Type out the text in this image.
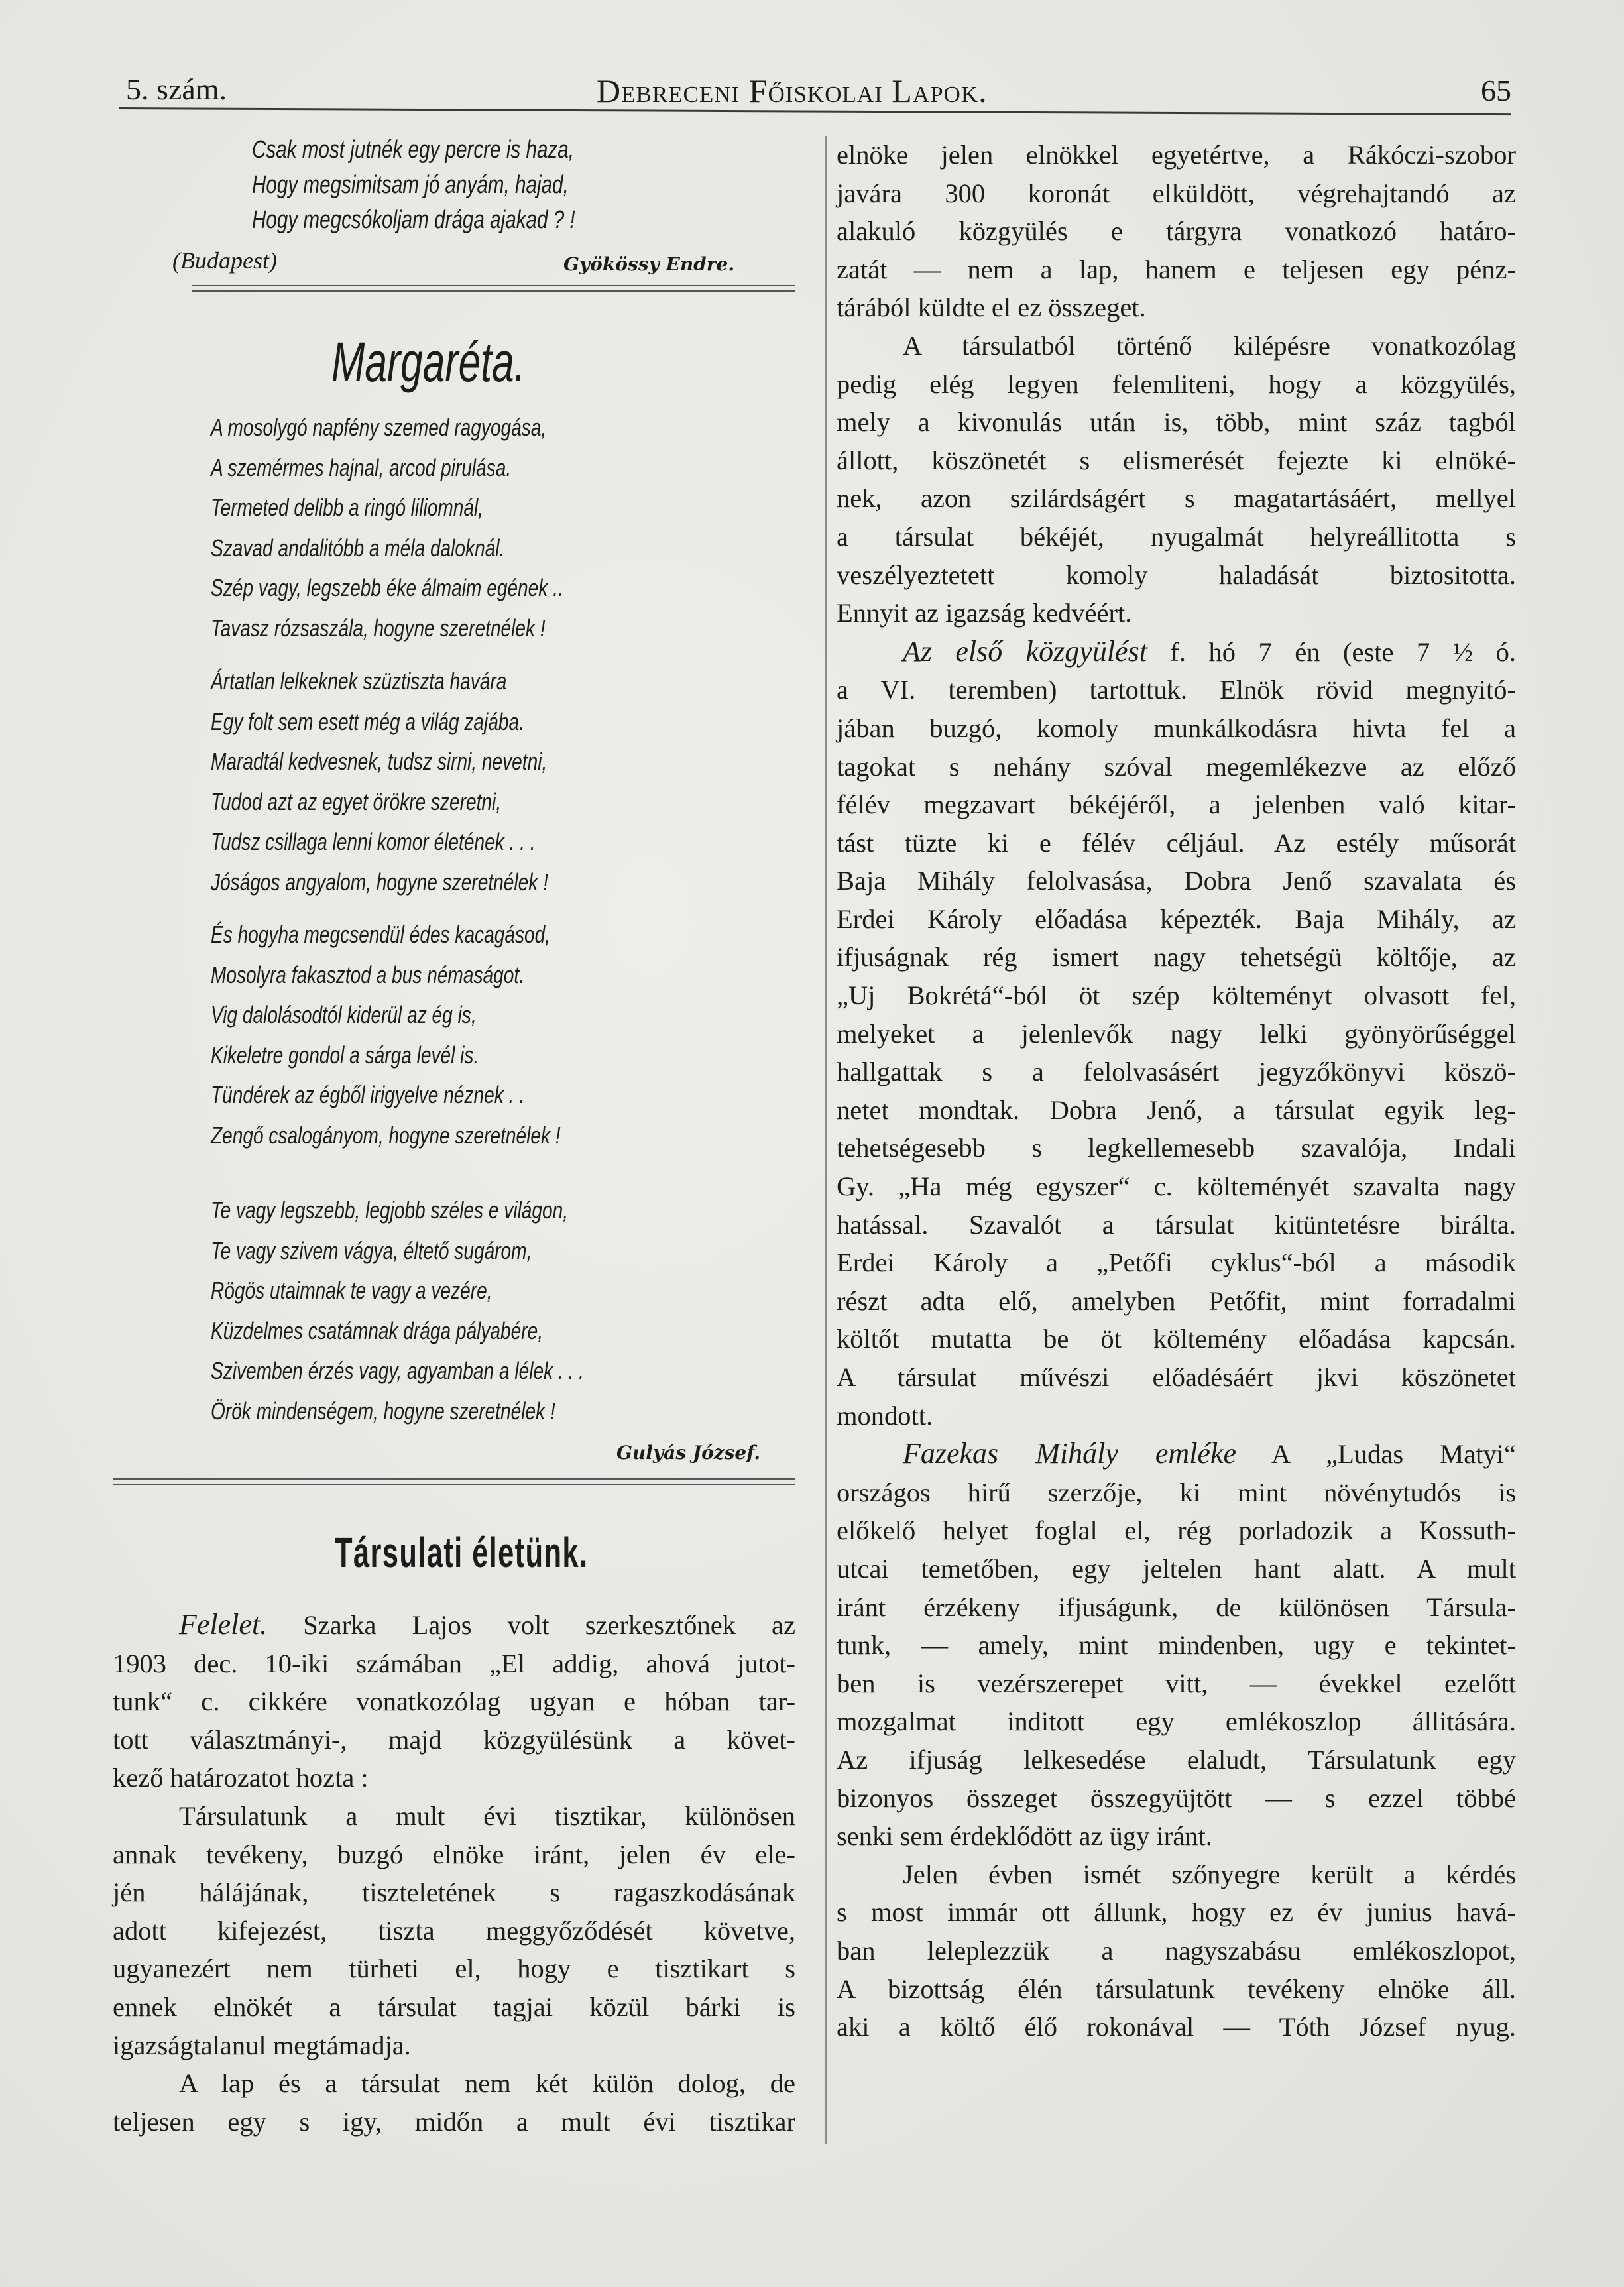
5. szám.	Debreceni Főiskolai Lapok.	65
Csak most jutnék egy percre is haza,
Hogy megsimitsam jó anyám, hajad,
Hogy megcsókoljam drága ajakad ? !
(Budapest)	Gyökössy Endre.
Margaréta.
A mosolygó napfény szemed ragyogása,
A szemérmes hajnal, arcod pirulása.
Termeted delibb a ringó liliomnál,
Szavad andalitóbb a méla daloknál.
Szép vagy, legszebb éke álmaim egének ..
Tavasz rózsaszála, hogyne szeretnélek !
Ártatlan lelkeknek szüztiszta havára
Egy folt sem esett még a világ zajába.
Maradtál kedvesnek, tudsz sirni, nevetni,
Tudod azt az egyet örökre szeretni,
Tudsz csillaga lenni komor életének . . .
Jóságos angyalom, hogyne szeretnélek !
És hogyha megcsendül édes kacagásod,
Mosolyra fakasztod a bus némaságot.
Vig dalolásodtól kiderül az ég is,
Kikeletre gondol a sárga levél is.
Tündérek az égből irigyelve néznek . .
Zengő csalogányom, hogyne szeretnélek !
Te vagy legszebb, legjobb széles e világon,
Te vagy szivem vágya, éltető sugárom,
Rögös utaimnak te vagy a vezére,
Küzdelmes csatámnak drága pályabére,
Szivemben érzés vagy, agyamban a lélek . . .
Örök mindenségem, hogyne szeretnélek !
Gulyás József.
Társulati életünk.
Felelet. Szarka Lajos volt szerkesztőnek az
1903 dec. 10-iki számában „El addig, ahová jutot-
tunk“ c. cikkére vonatkozólag ugyan e hóban tar-
tott választmányi-, majd közgyülésünk a követ-
kező határozatot hozta :
Társulatunk a mult évi tisztikar, különösen
annak tevékeny, buzgó elnöke iránt, jelen év ele-
jén hálájának, tiszteletének s ragaszkodásának
adott kifejezést, tiszta meggyőződését követve,
ugyanezért nem türheti el, hogy e tisztikart s
ennek elnökét a társulat tagjai közül bárki is
igazságtalanul megtámadja.
A lap és a társulat nem két külön dolog, de
teljesen egy s igy, midőn a mult évi tisztikar
elnöke jelen elnökkel egyetértve, a Rákóczi-szobor
javára 300 koronát elküldött, végrehajtandó az
alakuló közgyülés e tárgyra vonatkozó határo-
zatát — nem a lap, hanem e teljesen egy pénz-
tárából küldte el ez összeget.
A társulatból történő kilépésre vonatkozólag
pedig elég legyen felemliteni, hogy a közgyülés,
mely a kivonulás után is, több, mint száz tagból
állott, köszönetét s elismerését fejezte ki elnöké-
nek, azon szilárdságért s magatartásáért, mellyel
a társulat békéjét, nyugalmát helyreállitotta s
veszélyeztetett komoly haladását biztositotta.
Ennyit az igazság kedvéért.
Az első közgyülést f. hó 7 én (este 7 ½ ó.
a VI. teremben) tartottuk. Elnök rövid megnyitó-
jában buzgó, komoly munkálkodásra hivta fel a
tagokat s nehány szóval megemlékezve az előző
félév megzavart békéjéről, a jelenben való kitar-
tást tüzte ki e félév céljául. Az estély műsorát
Baja Mihály felolvasása, Dobra Jenő szavalata és
Erdei Károly előadása képezték. Baja Mihály, az
ifjuságnak rég ismert nagy tehetségü költője, az
„Uj Bokrétá“-ból öt szép költeményt olvasott fel,
melyeket a jelenlevők nagy lelki gyönyörűséggel
hallgattak s a felolvasásért jegyzőkönyvi köszö-
netet mondtak. Dobra Jenő, a társulat egyik leg-
tehetségesebb s legkellemesebb szavalója, Indali
Gy. „Ha még egyszer“ c. költeményét szavalta nagy
hatással. Szavalót a társulat kitüntetésre birálta.
Erdei Károly a „Petőfi cyklus“-ból a második
részt adta elő, amelyben Petőfit, mint forradalmi
költőt mutatta be öt költemény előadása kapcsán.
A társulat művészi előadésáért jkvi köszönetet
mondott.
Fazekas Mihály emléke A „Ludas Matyi“
országos hirű szerzője, ki mint növénytudós is
előkelő helyet foglal el, rég porladozik a Kossuth-
utcai temetőben, egy jeltelen hant alatt. A mult
iránt érzékeny ifjuságunk, de különösen Társula-
tunk, — amely, mint mindenben, ugy e tekintet-
ben is vezérszerepet vitt, — évekkel ezelőtt
mozgalmat inditott egy emlékoszlop állitására.
Az ifjuság lelkesedése elaludt, Társulatunk egy
bizonyos összeget összegyüjtött — s ezzel többé
senki sem érdeklődött az ügy iránt.
Jelen évben ismét szőnyegre került a kérdés
s most immár ott állunk, hogy ez év junius havá-
ban leleplezzük a nagyszabásu emlékoszlopot,
A bizottság élén társulatunk tevékeny elnöke áll.
aki a költő élő rokonával — Tóth József nyug.
